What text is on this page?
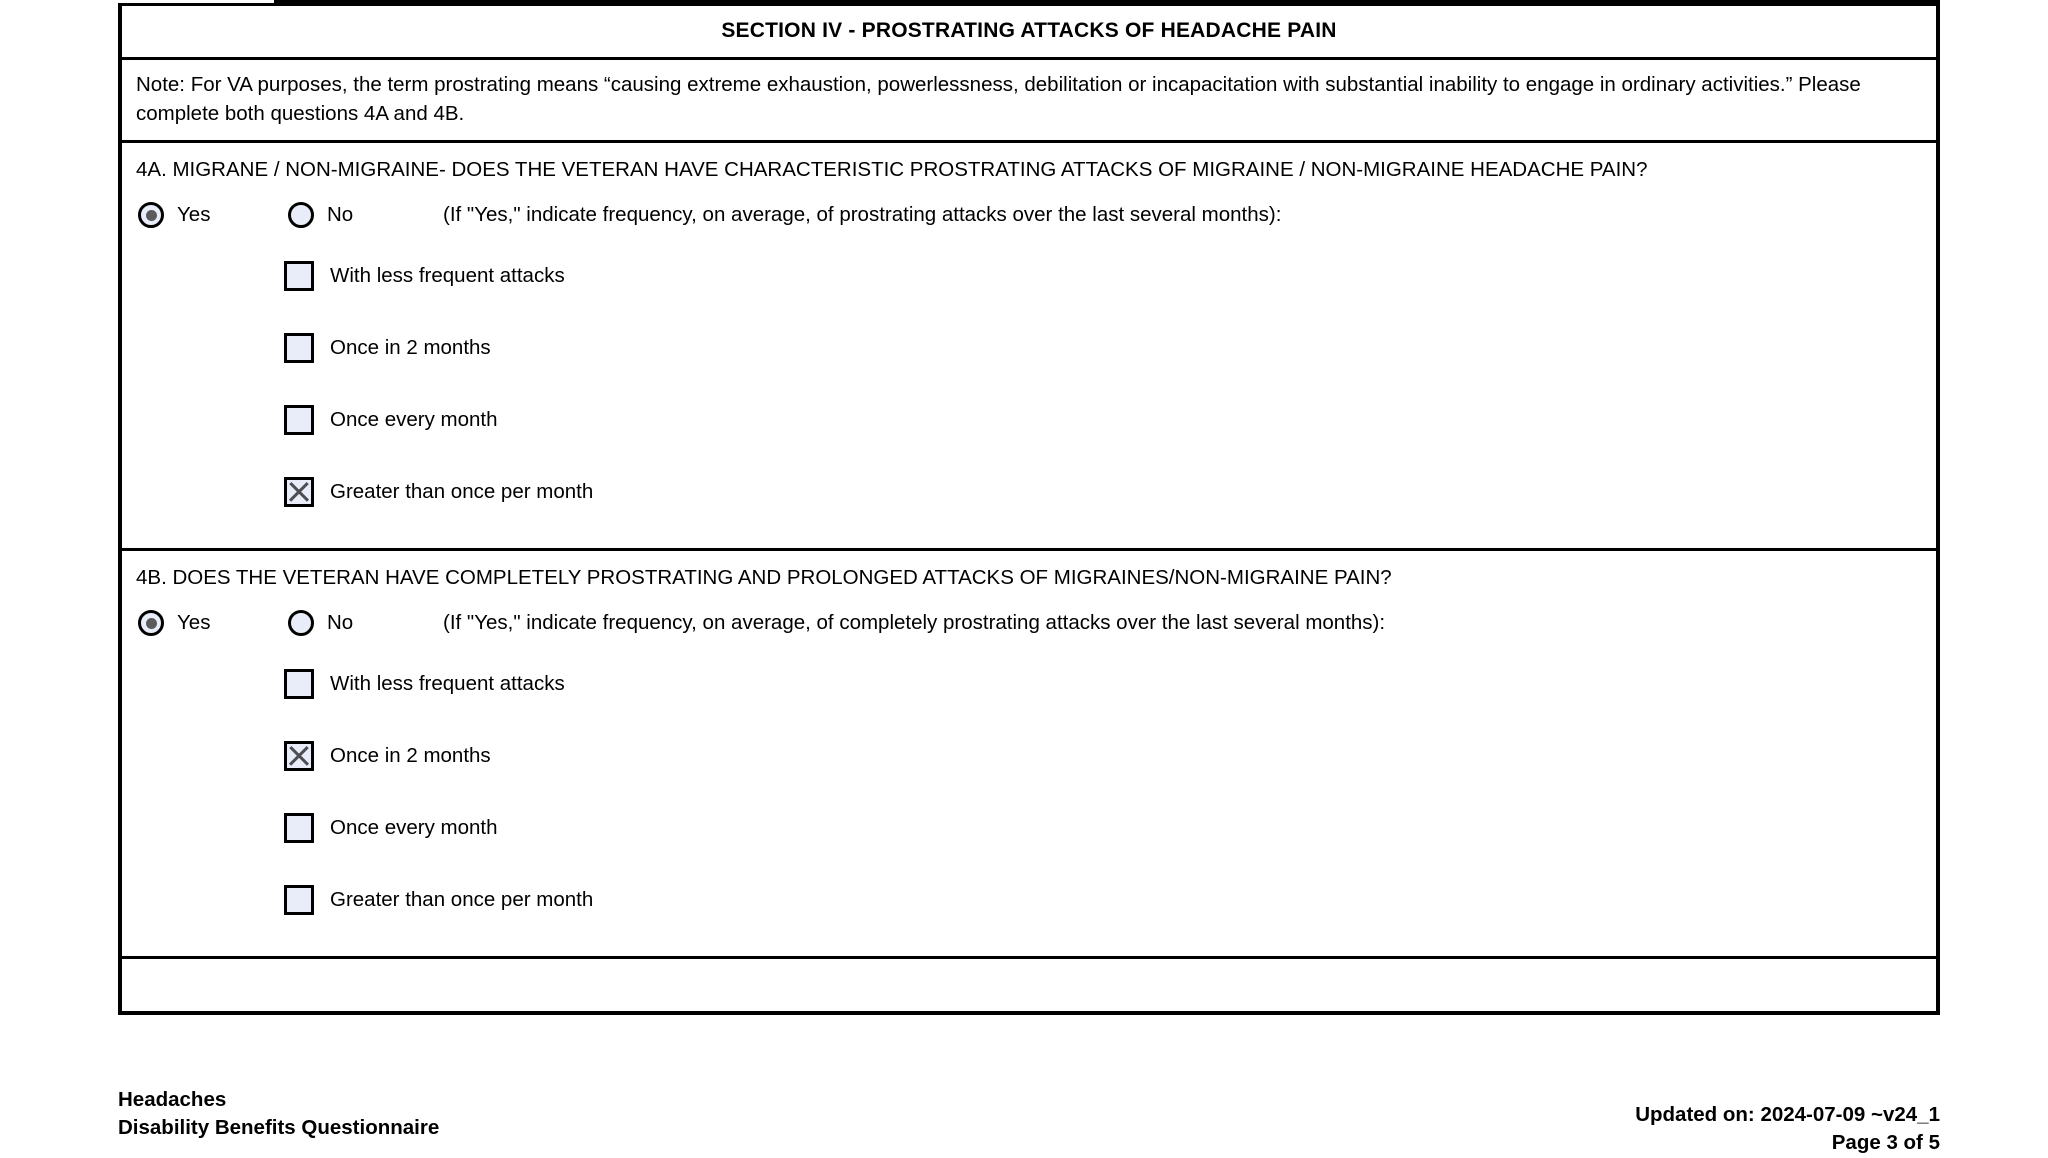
SECTION IV - PROSTRATING ATTACKS OF HEADACHE PAIN
Note: For VA purposes, the term prostrating means “causing extreme exhaustion, powerlessness, debilitation or incapacitation with substantial inability to engage in ordinary activities.” Please complete both questions 4A and 4B.
4A. MIGRANE / NON-MIGRAINE- DOES THE VETERAN HAVE CHARACTERISTIC PROSTRATING ATTACKS OF MIGRAINE / NON-MIGRAINE HEADACHE PAIN?
Yes	No	(If "Yes," indicate frequency, on average, of prostrating attacks over the last several months):
With less frequent attacks
Once in 2 months
Once every month
Greater than once per month
4B. DOES THE VETERAN HAVE COMPLETELY PROSTRATING AND PROLONGED ATTACKS OF MIGRAINES/NON-MIGRAINE PAIN?
Yes	No	(If "Yes," indicate frequency, on average, of completely prostrating attacks over the last several months):
With less frequent attacks
Once in 2 months
Once every month
Greater than once per month
Headaches
Disability Benefits Questionnaire
Updated on: 2024-07-09 ~v24_1
Page 3 of 5
